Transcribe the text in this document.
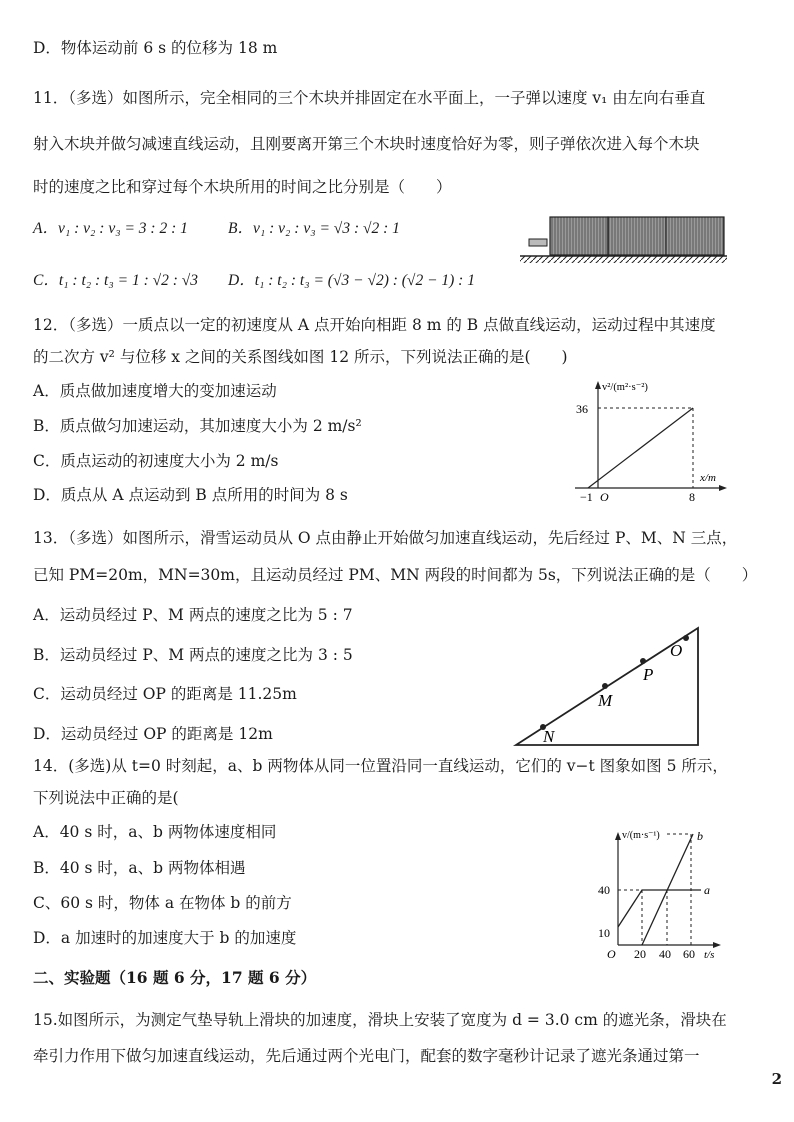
D．物体运动前 6 s 的位移为 18 m
11．（多选）如图所示，完全相同的三个木块并排固定在水平面上，一子弹以速度 v₁ 由左向右垂直
射入木块并做匀减速直线运动，且刚要离开第三个木块时速度恰好为零，则子弹依次进入每个木块
时的速度之比和穿过每个木块所用的时间之比分别是（　　）
A．v₁ : v₂ : v₃ = 3 : 2 : 1	B．v₁ : v₂ : v₃ = √3 : √2 : 1
C．t₁ : t₂ : t₃ = 1 : √2 : √3 D．t₁ : t₂ : t₃ = (√3 − √2) : (√2 − 1) : 1
12．（多选）一质点以一定的初速度从 A 点开始向相距 8 m 的 B 点做直线运动，运动过程中其速度
的二次方 v² 与位移 x 之间的关系图线如图 12 所示，下列说法正确的是(　　)
A．质点做加速度增大的变加速运动
B．质点做匀加速运动，其加速度大小为 2 m/s²
C．质点运动的初速度大小为 2 m/s
D．质点从 A 点运动到 B 点所用的时间为 8 s
v²/(m²·s⁻²)
x/m
36
−1 O	8
13．（多选）如图所示，滑雪运动员从 O 点由静止开始做匀加速直线运动，先后经过 P、M、N 三点，
已知 PM=20m，MN=30m，且运动员经过 PM、MN 两段的时间都为 5s，下列说法正确的是（　　）
A．运动员经过 P、M 两点的速度之比为 5 : 7
B．运动员经过 P、M 两点的速度之比为 3 : 5
C．运动员经过 OP 的距离是 11.25m
D．运动员经过 OP 的距离是 12m
O
P
M
N
14．(多选)从 t=0 时刻起，a、b 两物体从同一位置沿同一直线运动，它们的 v−t 图象如图 5 所示，
下列说法中正确的是(
A．40 s 时，a、b 两物体速度相同
B．40 s 时，a、b 两物体相遇
C、60 s 时，物体 a 在物体 b 的前方
D．a 加速时的加速度大于 b 的加速度
v/(m·s⁻¹)
t/s
40
10
O 20 40 60
a
b
二、实验题（16 题 6 分，17 题 6 分）
15.如图所示，为测定气垫导轨上滑块的加速度，滑块上安装了宽度为 d = 3.0 cm 的遮光条，滑块在
牵引力作用下做匀加速直线运动，先后通过两个光电门，配套的数字毫秒计记录了遮光条通过第一
2
